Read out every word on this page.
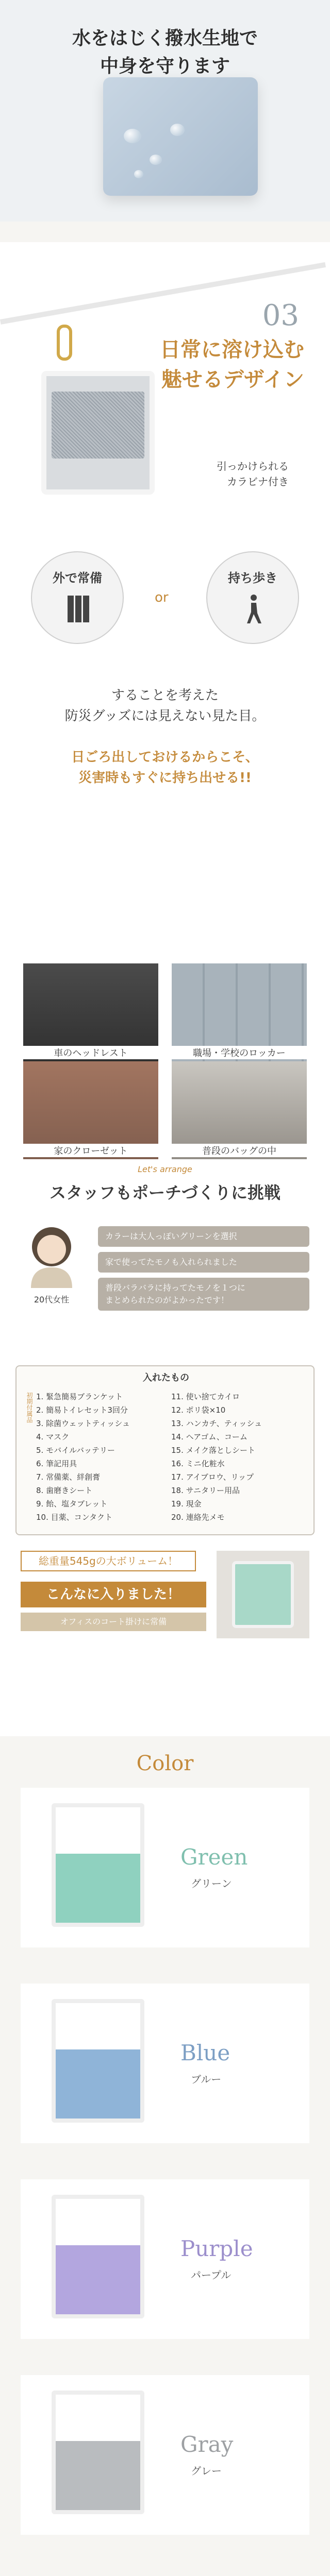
水をはじく撥水生地で
中身を守ります
03
日常に溶け込む
魅せるデザイン
引っかけられる
カラビナ付き
外で常備
or
持ち歩き
することを考えた
防災グッズには見えない見た目。
日ごろ出しておけるからこそ、
災害時もすぐに持ち出せる!!
車のヘッドレスト	職場・学校のロッカー
家のクローゼット	普段のバッグの中
Let's arrange
スタッフもポーチづくりに挑戦
20代女性
カラーは大人っぽいグリーンを選択
家で使ってたモノも入れられました
普段バラバラに持ってたモノを１つに
まとめられたのがよかったです！
入れたもの
初期付属品 1. 緊急簡易ブランケット
2. 簡易トイレセット3回分
3. 除菌ウェットティッシュ
4. マスク
5. モバイルバッテリー
6. 筆記用具
7. 常備薬、絆創膏
8. 歯磨きシート
9. 飴、塩タブレット
10. 目薬、コンタクト
11. 使い捨てカイロ
12. ポリ袋×10
13. ハンカチ、ティッシュ
14. ヘアゴム、コーム
15. メイク落としシート
16. ミニ化粧水
17. アイブロウ、リップ
18. サニタリー用品
19. 現金
20. 連絡先メモ
総重量545gの大ボリューム！
こんなに入りました！
オフィスのコート掛けに常備
Color
Green
グリーン
Blue
ブルー
Purple
パープル
Gray
グレー
